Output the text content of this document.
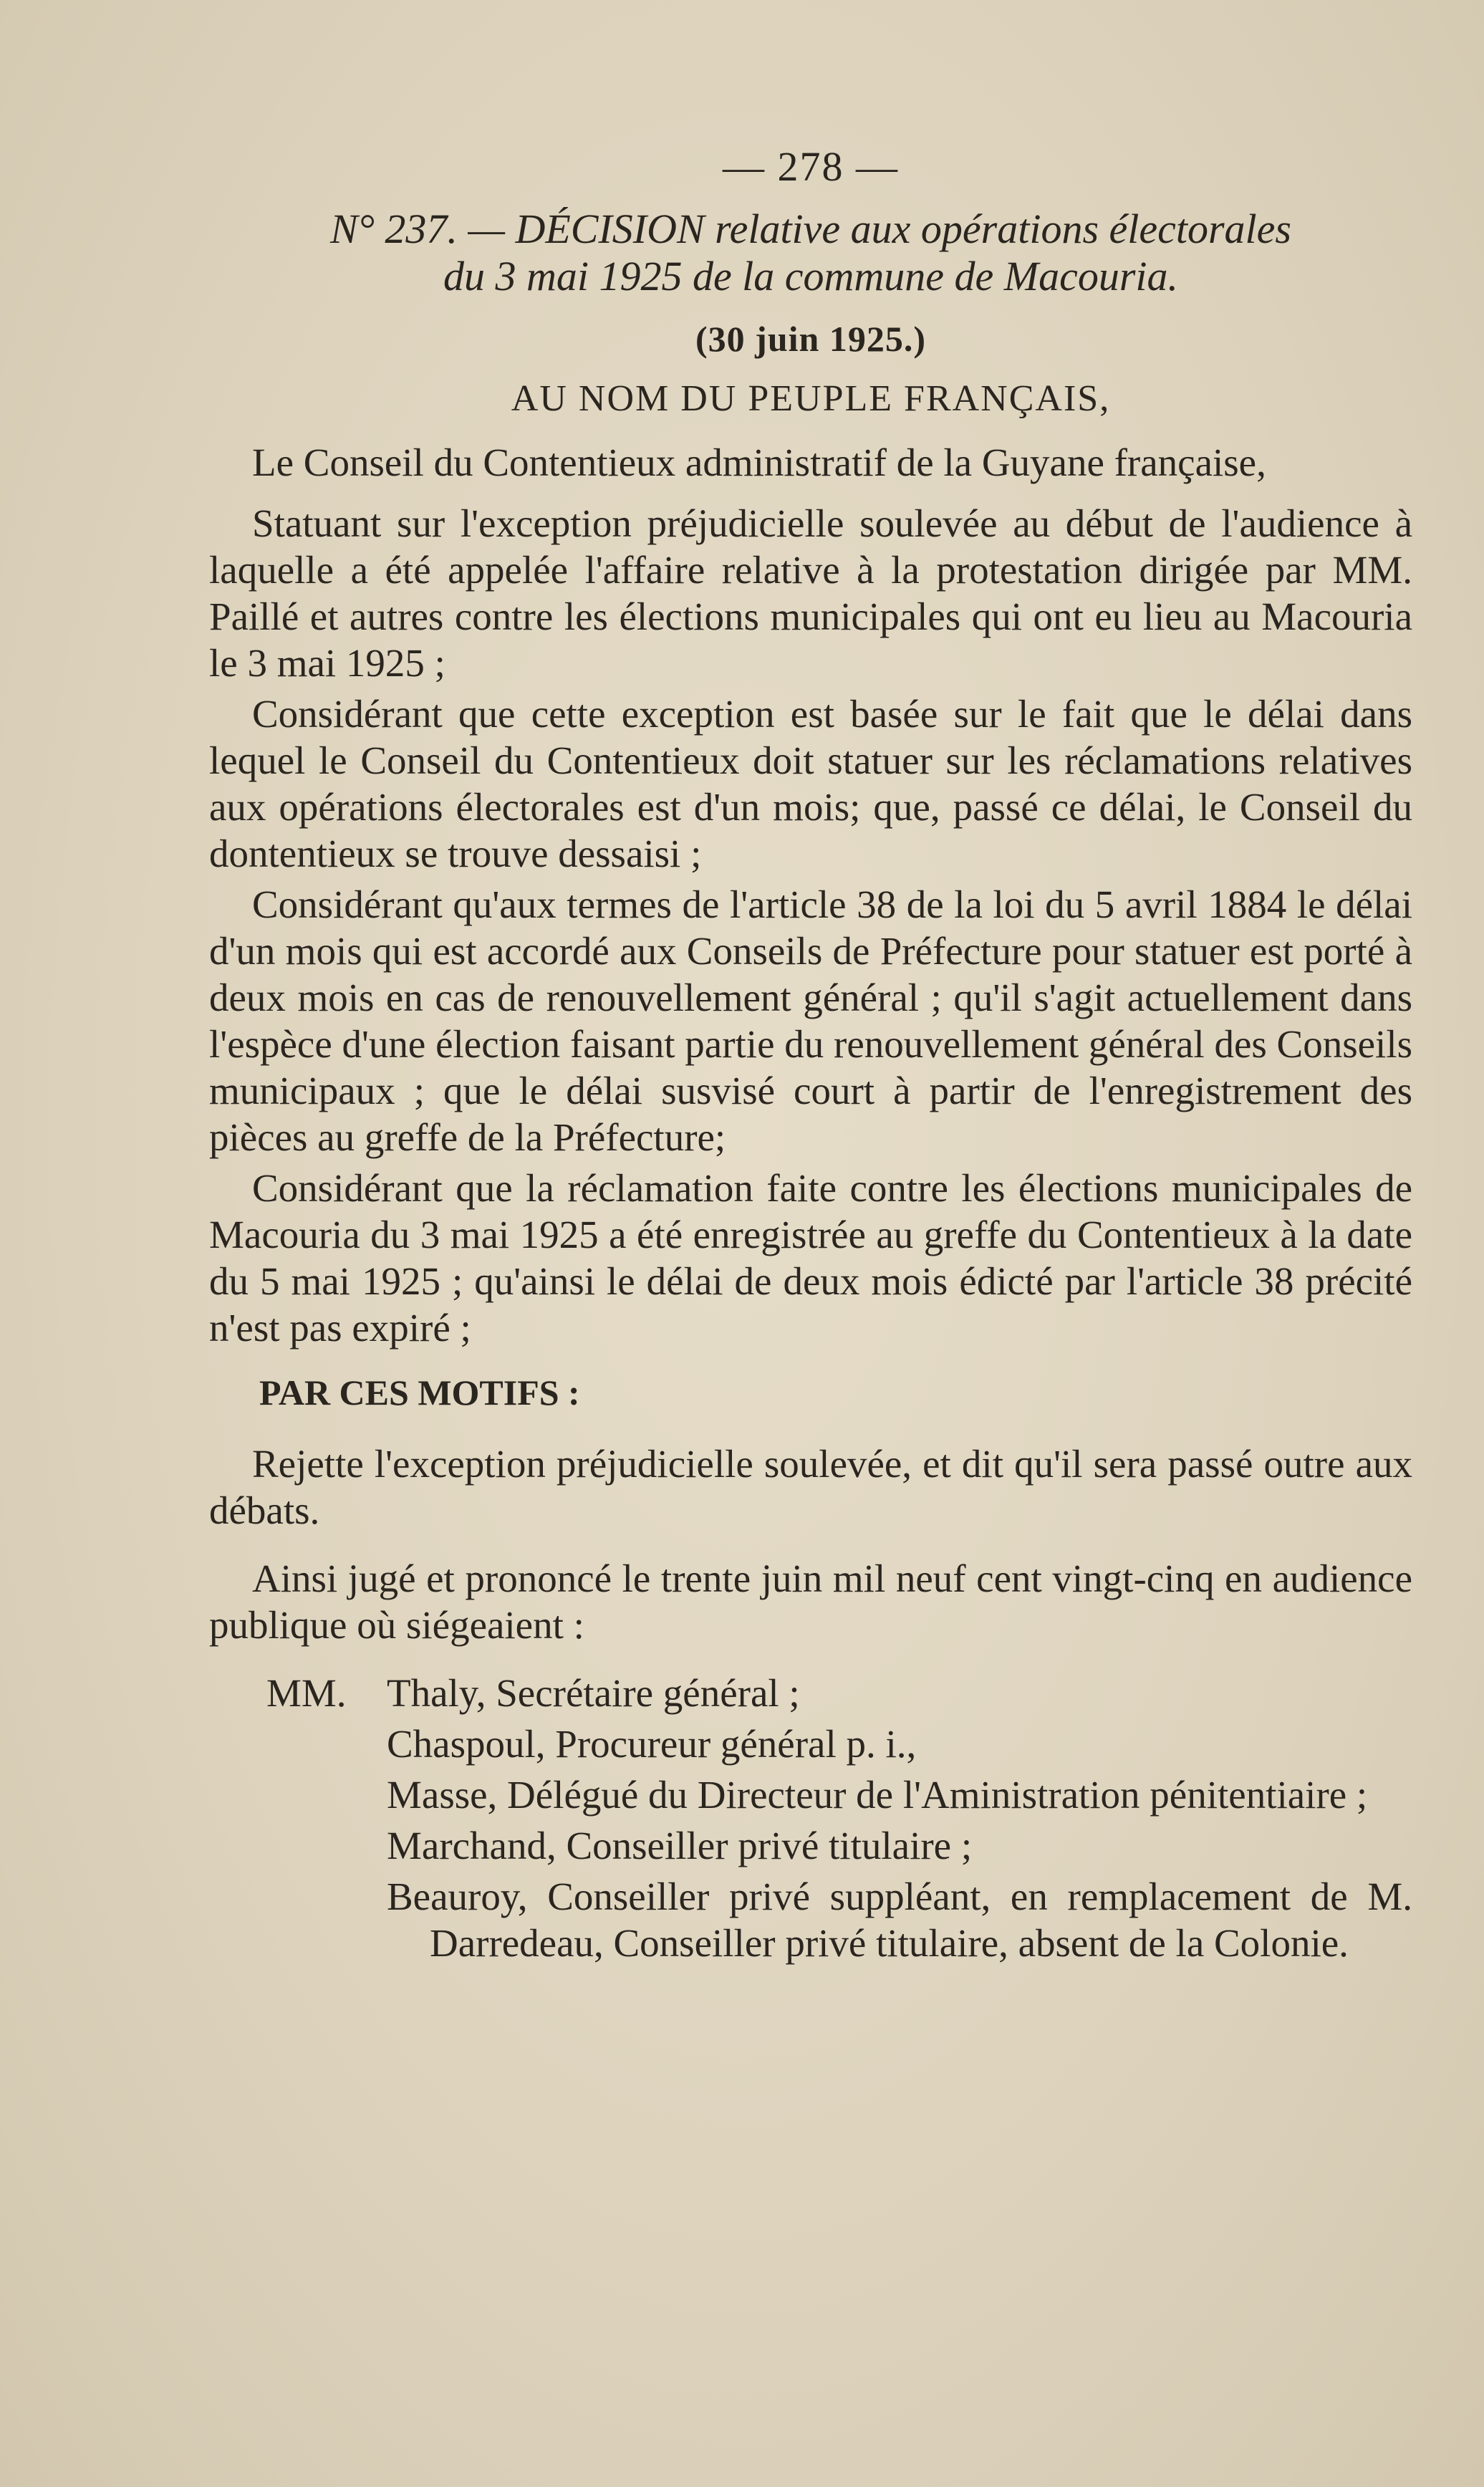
— 278 —
N° 237. — DÉCISION relative aux opérations électorales
du 3 mai 1925 de la commune de Macouria.
(30 juin 1925.)
AU NOM DU PEUPLE FRANÇAIS,

Le Conseil du Contentieux administratif de la Guyane française,

Statuant sur l'exception préjudicielle soulevée au début de l'audience à laquelle a été appelée l'affaire relative à la protestation dirigée par MM. Paillé et autres contre les élections municipales qui ont eu lieu au Macouria le 3 mai 1925 ;

Considérant que cette exception est basée sur le fait que le délai dans lequel le Conseil du Contentieux doit statuer sur les réclamations relatives aux opérations électorales est d'un mois; que, passé ce délai, le Conseil du dontentieux se trouve dessaisi ;

Considérant qu'aux termes de l'article 38 de la loi du 5 avril 1884 le délai d'un mois qui est accordé aux Conseils de Préfecture pour statuer est porté à deux mois en cas de renouvellement général ; qu'il s'agit actuellement dans l'espèce d'une élection faisant partie du renouvellement général des Conseils municipaux ; que le délai susvisé court à partir de l'enregistrement des pièces au greffe de la Préfecture;

Considérant que la réclamation faite contre les élections municipales de Macouria du 3 mai 1925 a été enregistrée au greffe du Contentieux à la date du 5 mai 1925 ; qu'ainsi le délai de deux mois édicté par l'article 38 précité n'est pas expiré ;

PAR CES MOTIFS :

Rejette l'exception préjudicielle soulevée, et dit qu'il sera passé outre aux débats.

Ainsi jugé et prononcé le trente juin mil neuf cent vingt-cinq en audience publique où siégeaient :

MM.	Thaly, Secrétaire général ;
Chaspoul, Procureur général p. i.,
Masse, Délégué du Directeur de l'Aministration pénitentiaire ;
Marchand, Conseiller privé titulaire ;
Beauroy, Conseiller privé suppléant, en remplacement de M. Darredeau, Conseiller privé titulaire, absent de la Colonie.
